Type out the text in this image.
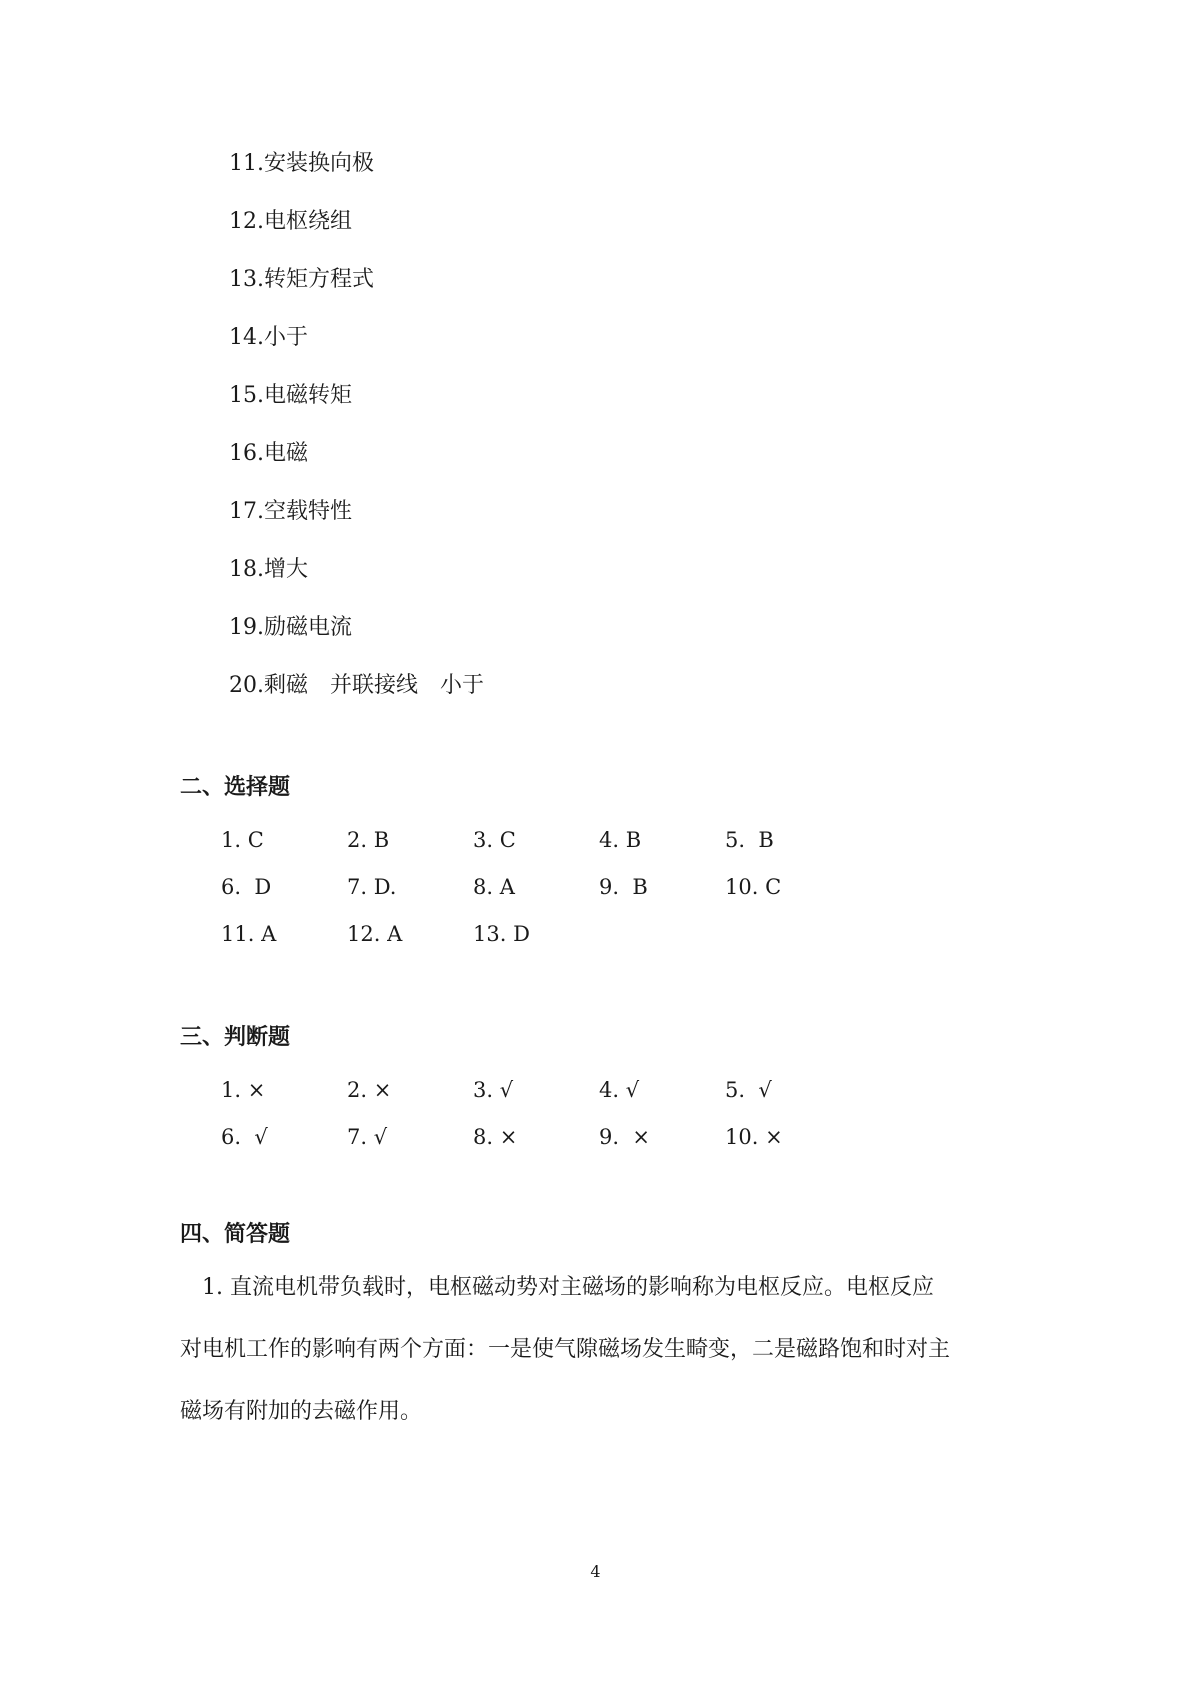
11.安装换向极
12.电枢绕组
13.转矩方程式
14.小于
15.电磁转矩
16.电磁
17.空载特性
18.增大
19.励磁电流
20.剩磁　并联接线　小于
二、选择题
1. C	2. B	3. C	4. B	5.  B
6.  D	7. D.	8. A	9.  B	10. C
11. A	12. A	13. D
三、判断题
1. ×	2. ×	3. √	4. √	5.  √
6.  √	7. √	8. ×	9.  ×	10. ×
四、简答题
　1. 直流电机带负载时，电枢磁动势对主磁场的影响称为电枢反应。电枢反应
对电机工作的影响有两个方面：一是使气隙磁场发生畸变，二是磁路饱和时对主
磁场有附加的去磁作用。
4
